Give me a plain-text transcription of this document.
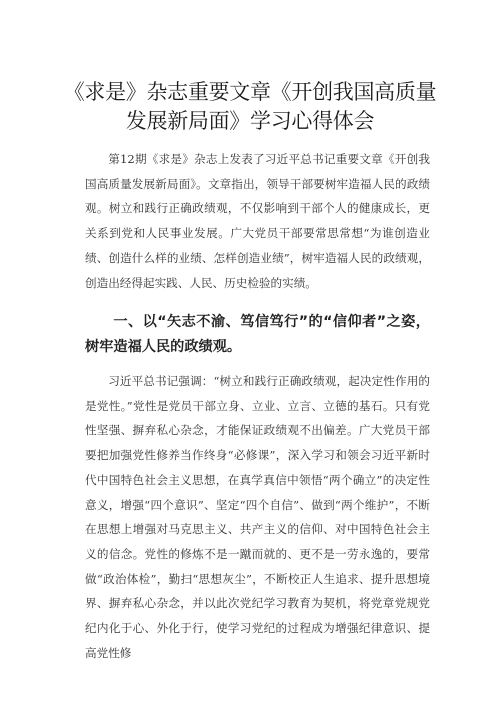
《求是》杂志重要文章《开创我国高质量发展新局面》学习心得体会

第12期《求是》杂志上发表了习近平总书记重要文章《开创我国高质量发展新局面》。文章指出，领导干部要树牢造福人民的政绩观。树立和践行正确政绩观，不仅影响到干部个人的健康成长，更关系到党和人民事业发展。广大党员干部要常思常想“为谁创造业绩、创造什么样的业绩、怎样创造业绩”，树牢造福人民的政绩观，创造出经得起实践、人民、历史检验的实绩。

一、以“矢志不渝、笃信笃行”的“信仰者”之姿，树牢造福人民的政绩观。

习近平总书记强调：“树立和践行正确政绩观，起决定性作用的是党性。”党性是党员干部立身、立业、立言、立德的基石。只有党性坚强、摒弃私心杂念，才能保证政绩观不出偏差。广大党员干部要把加强党性修养当作终身“必修课”，深入学习和领会习近平新时代中国特色社会主义思想，在真学真信中领悟“两个确立”的决定性意义，增强“四个意识”、坚定“四个自信”、做到“两个维护”，不断在思想上增强对马克思主义、共产主义的信仰、对中国特色社会主义的信念。党性的修炼不是一蹴而就的、更不是一劳永逸的，要常做“政治体检”，勤扫“思想灰尘”，不断校正人生追求、提升思想境界、摒弃私心杂念，并以此次党纪学习教育为契机，将党章党规党纪内化于心、外化于行，使学习党纪的过程成为增强纪律意识、提高党性修
